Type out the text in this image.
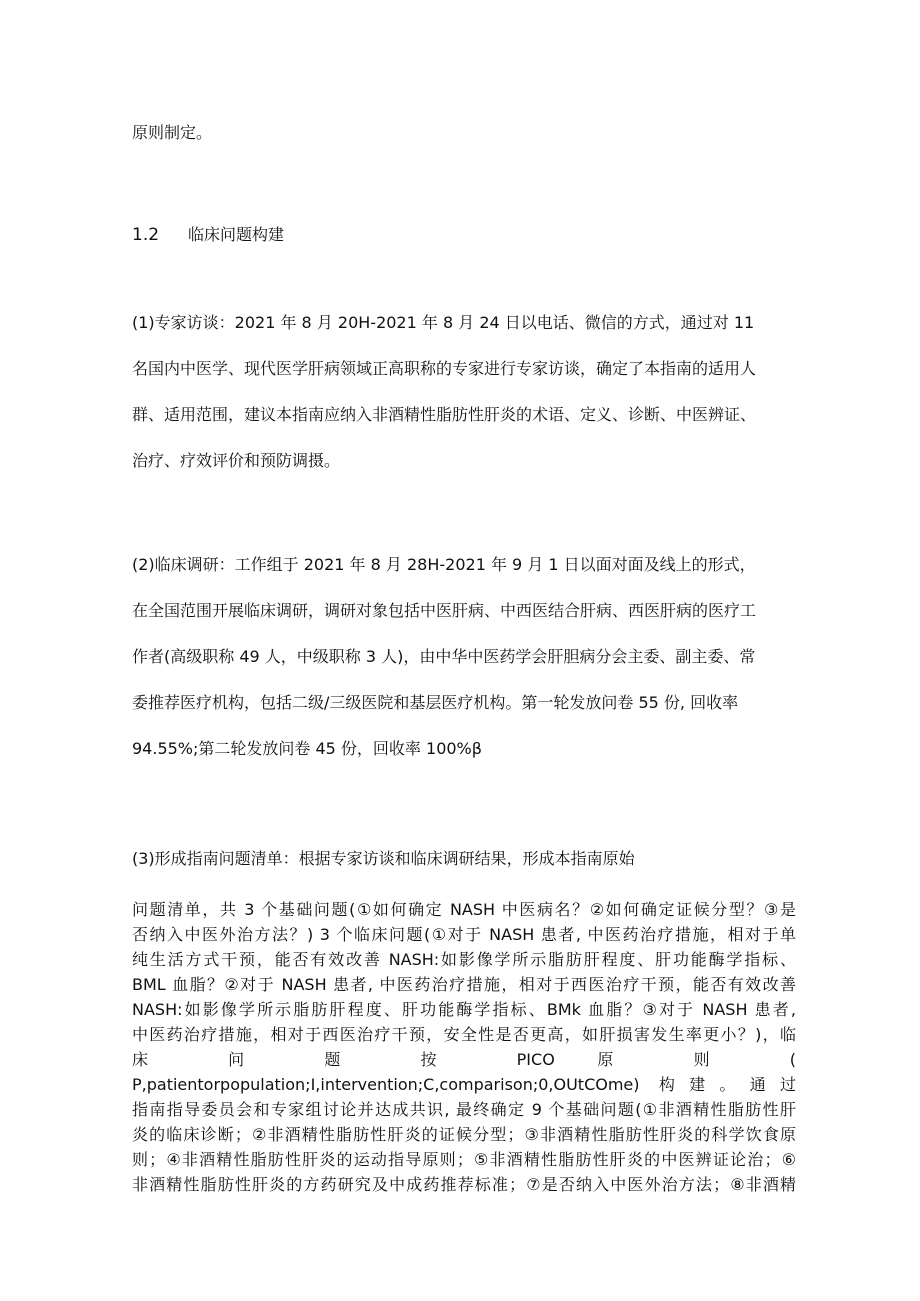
原则制定。

1.2 临床问题构建

(1)专家访谈：2021 年 8 月 20H-2021 年 8 月 24 日以电话、微信的方式，通过对 11
名国内中医学、现代医学肝病领域正高职称的专家进行专家访谈，确定了本指南的适用人
群、适用范围，建议本指南应纳入非酒精性脂肪性肝炎的术语、定义、诊断、中医辨证、
治疗、疗效评价和预防调摄。

(2)临床调研：工作组于 2021 年 8 月 28H-2021 年 9 月 1 日以面对面及线上的形式，
在全国范围开展临床调研，调研对象包括中医肝病、中西医结合肝病、西医肝病的医疗工
作者(高级职称 49 人，中级职称 3 人)，由中华中医药学会肝胆病分会主委、副主委、常
委推荐医疗机构，包括二级/三级医院和基层医疗机构。第一轮发放问卷 55 份, 回收率
94.55%;第二轮发放问卷 45 份，回收率 100%β

(3)形成指南问题清单：根据专家访谈和临床调研结果，形成本指南原始

问题清单，共 3 个基础问题(①如何确定 NASH 中医病名？②如何确定证候分型？③是
否纳入中医外治方法？) 3 个临床问题(①对于 NASH 患者, 中医药治疗措施，相对于单
纯生活方式干预，能否有效改善 NASH:如影像学所示脂肪肝程度、肝功能酶学指标、
BML 血脂？②对于 NASH 患者, 中医药治疗措施，相对于西医治疗干预，能否有效改善
NASH:如影像学所示脂肪肝程度、肝功能酶学指标、BMk 血脂？③对于 NASH 患者,
中医药治疗措施，相对于西医治疗干预，安全性是否更高，如肝损害发生率更小？)，临
床 问 题 按 PICO 原 则 (
P,patientorpopulation;I,intervention;C,comparison;0,OUtCOme) 构建。通过
指南指导委员会和专家组讨论并达成共识, 最终确定 9 个基础问题(①非酒精性脂肪性肝
炎的临床诊断；②非酒精性脂肪性肝炎的证候分型；③非酒精性脂肪性肝炎的科学饮食原
则；④非酒精性脂肪性肝炎的运动指导原则；⑤非酒精性脂肪性肝炎的中医辨证论治；⑥
非酒精性脂肪性肝炎的方药研究及中成药推荐标准；⑦是否纳入中医外治方法；⑧非酒精
